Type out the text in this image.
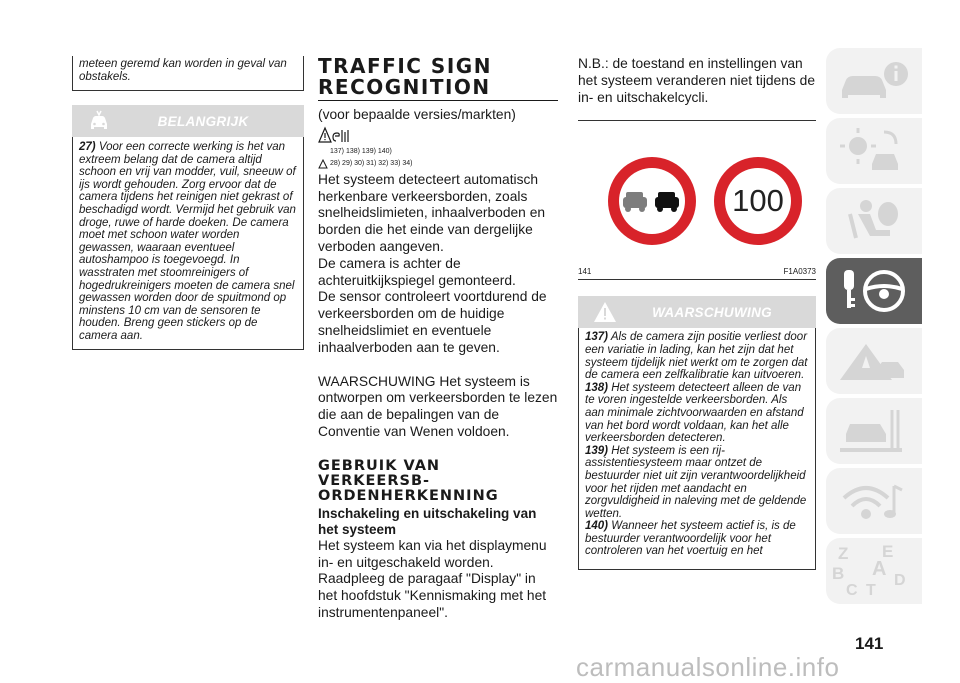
meteen geremd kan worden in geval van obstakels.
BELANGRIJK
27) Voor een correcte werking is het van extreem belang dat de camera altijd schoon en vrij van modder, vuil, sneeuw of ijs wordt gehouden. Zorg ervoor dat de camera tijdens het reinigen niet gekrast of beschadigd wordt. Vermijd het gebruik van droge, ruwe of harde doeken. De camera moet met schoon water worden gewassen, waaraan eventueel autoshampoo is toegevoegd. In wasstraten met stoomreinigers of hogedrukreinigers moeten de camera snel gewassen worden door de spuitmond op minstens 10 cm van de sensoren te houden. Breng geen stickers op de camera aan.
TRAFFIC SIGN RECOGNITION
(voor bepaalde versies/markten)
137) 138) 139) 140)
28) 29) 30) 31) 32) 33) 34)

Het systeem detecteert automatisch herkenbare verkeersborden, zoals snelheidslimieten, inhaalverboden en borden die het einde van dergelijke verboden aangeven.

De camera is achter de achteruitkijkspiegel gemonteerd.

De sensor controleert voortdurend de verkeersborden om de huidige snelheidslimiet en eventuele inhaalverboden aan te geven.

WAARSCHUWING Het systeem is ontworpen om verkeersborden te lezen die aan de bepalingen van de Conventie van Wenen voldoen.

GEBRUIK VAN VERKEERSB-ORDENHERKENNING
Inschakeling en uitschakeling van het systeem

Het systeem kan via het displaymenu in- en uitgeschakeld worden.

Raadpleeg de paragaaf "Display" in het hoofdstuk "Kennismaking met het instrumentenpaneel".

N.B.: de toestand en instellingen van het systeem veranderen niet tijdens de in- en uitschakelcycli.
100
141	F1A0373
WAARSCHUWING
137) Als de camera zijn positie verliest door een variatie in lading, kan het zijn dat het systeem tijdelijk niet werkt om te zorgen dat de camera een zelfkalibratie kan uitvoeren.
138) Het systeem detecteert alleen de van te voren ingestelde verkeersborden. Als aan minimale zichtvoorwaarden en afstand van het bord wordt voldaan, kan het alle verkeersborden detecteren.
139) Het systeem is een rij-assistentiesysteem maar ontzet de bestuurder niet uit zijn verantwoordelijkheid voor het rijden met aandacht en zorgvuldigheid in naleving met de geldende wetten.
140) Wanneer het systeem actief is, is de bestuurder verantwoordelijk voor het controleren van het voertuig en het	Z E
B A
C T
D
141
carmanualsonline.info
